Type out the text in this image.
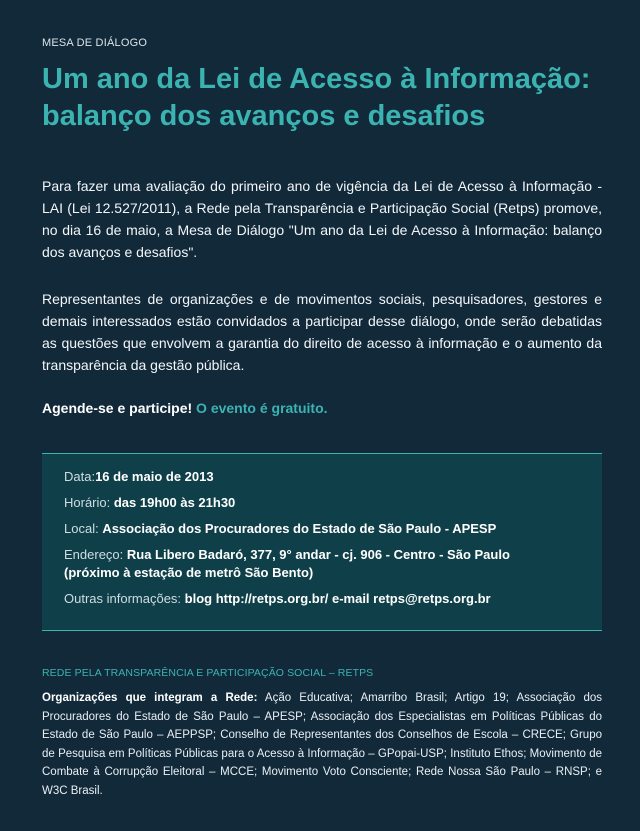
MESA DE DIÁLOGO
Um ano da Lei de Acesso à Informação: balanço dos avanços e desafios

Para fazer uma avaliação do primeiro ano de vigência da Lei de Acesso à Informação - LAI (Lei 12.527/2011), a Rede pela Transparência e Participação Social (Retps) promove, no dia 16 de maio, a Mesa de Diálogo "Um ano da Lei de Acesso à Informação: balanço dos avanços e desafios".

Representantes de organizações e de movimentos sociais, pesquisadores, gestores e demais interessados estão convidados a participar desse diálogo, onde serão debatidas as questões que envolvem a garantia do direito de acesso à informação e o aumento da transparência da gestão pública.

Agende-se e participe! O evento é gratuito.
Data:16 de maio de 2013
Horário: das 19h00 às 21h30
Local: Associação dos Procuradores do Estado de São Paulo - APESP
Endereço: Rua Libero Badaró, 377, 9° andar - cj. 906 - Centro - São Paulo
(próximo à estação de metrô São Bento)
Outras informações: blog http://retps.org.br/ e-mail retps@retps.org.br
REDE PELA TRANSPARÊNCIA E PARTICIPAÇÃO SOCIAL – RETPS

Organizações que integram a Rede: Ação Educativa; Amarribo Brasil; Artigo 19; Associação dos Procuradores do Estado de São Paulo – APESP; Associação dos Especialistas em Políticas Públicas do Estado de São Paulo – AEPPSP; Conselho de Representantes dos Conselhos de Escola – CRECE; Grupo de Pesquisa em Políticas Públicas para o Acesso à Informação – GPopai-USP; Instituto Ethos; Movimento de Combate à Corrupção Eleitoral – MCCE; Movimento Voto Consciente; Rede Nossa São Paulo – RNSP; e W3C Brasil.
